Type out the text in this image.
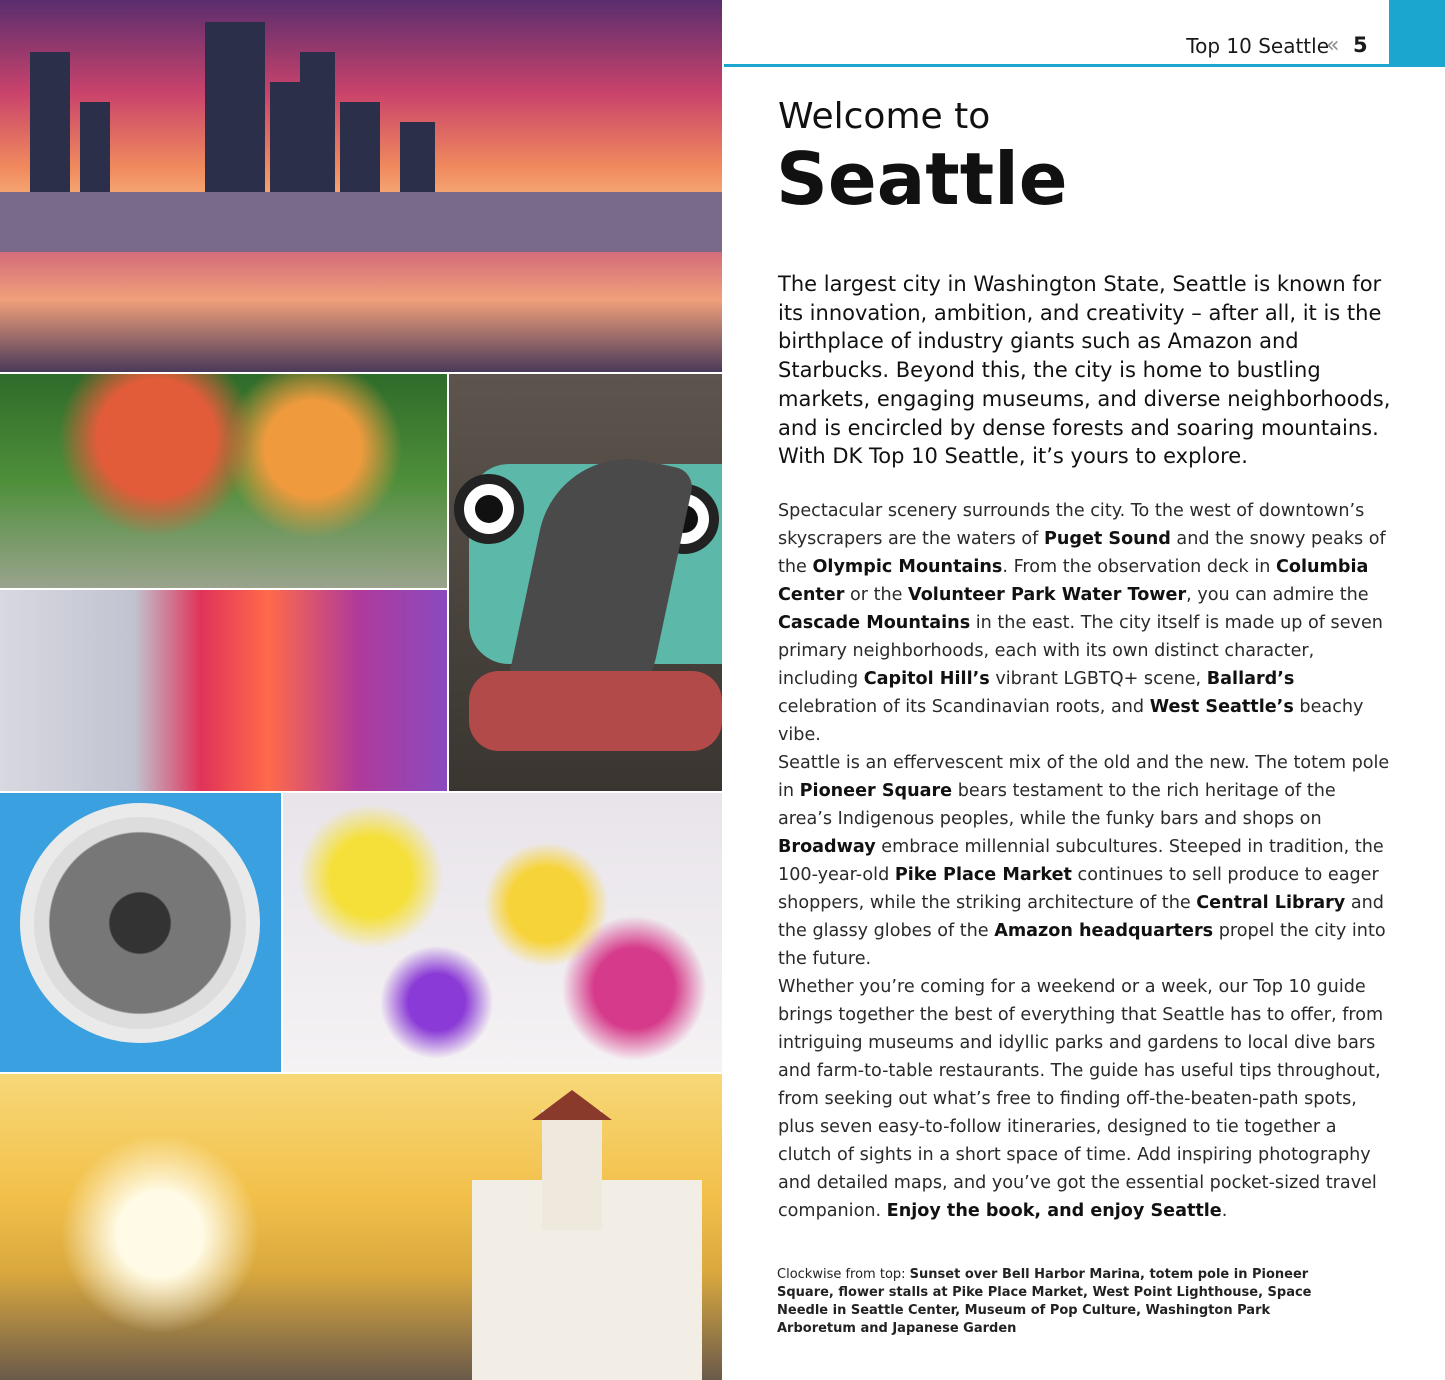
Top 10 Seattle
« 5
Welcome to
Seattle
The largest city in Washington State, Seattle is known for its innovation, ambition, and creativity – after all, it is the birthplace of industry giants such as Amazon and Starbucks. Beyond this, the city is home to bustling markets, engaging museums, and diverse neighborhoods, and is encircled by dense forests and soaring mountains. With DK Top 10 Seattle, it’s yours to explore.
Spectacular scenery surrounds the city. To the west of downtown’s skyscrapers are the waters of Puget Sound and the snowy peaks of the Olympic Mountains. From the observation deck in Columbia Center or the Volunteer Park Water Tower, you can admire the Cascade Mountains in the east. The city itself is made up of seven primary neighborhoods, each with its own distinct character, including Capitol Hill’s vibrant LGBTQ+ scene, Ballard’s celebration of its Scandinavian roots, and West Seattle’s beachy vibe.
Seattle is an effervescent mix of the old and the new. The totem pole in Pioneer Square bears testament to the rich heritage of the area’s Indigenous peoples, while the funky bars and shops on Broadway embrace millennial subcultures. Steeped in tradition, the 100-year-old Pike Place Market continues to sell produce to eager shoppers, while the striking architecture of the Central Library and the glassy globes of the Amazon headquarters propel the city into the future.
Whether you’re coming for a weekend or a week, our Top 10 guide brings together the best of everything that Seattle has to offer, from intriguing museums and idyllic parks and gardens to local dive bars and farm-to-table restaurants. The guide has useful tips throughout, from seeking out what’s free to finding off-the-beaten-path spots, plus seven easy-to-follow itineraries, designed to tie together a clutch of sights in a short space of time. Add inspiring photography and detailed maps, and you’ve got the essential pocket-sized travel companion. Enjoy the book, and enjoy Seattle.
Clockwise from top: Sunset over Bell Harbor Marina, totem pole in Pioneer Square, flower stalls at Pike Place Market, West Point Lighthouse, Space Needle in Seattle Center, Museum of Pop Culture, Washington Park Arboretum and Japanese Garden
